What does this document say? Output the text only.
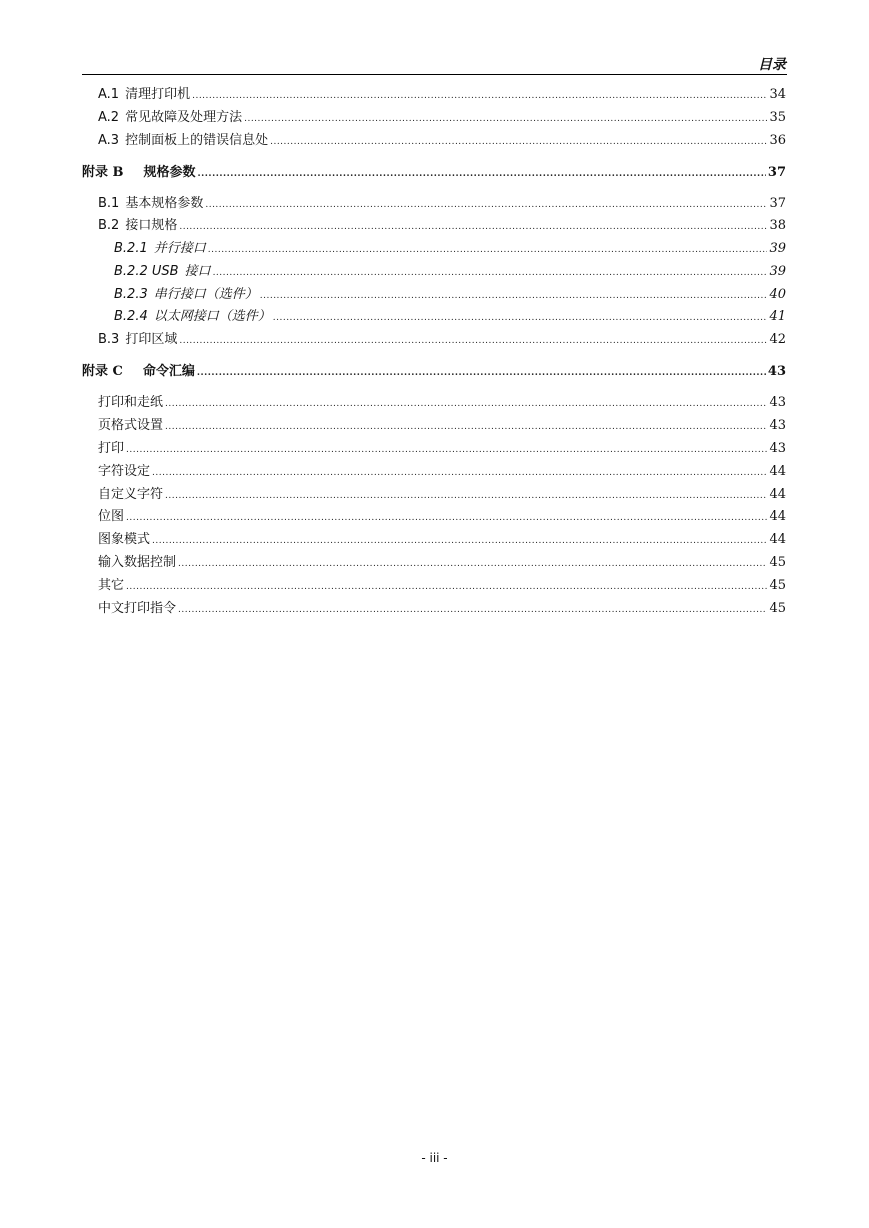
目录
A.1 清理打印机 .....	34
A.2 常见故障及处理方法 .....	35
A.3 控制面板上的错误信息处 .....	36
附录 B 规格参数 .....	37
B.1 基本规格参数 .....	37
B.2 接口规格 .....	38
B.2.1 并行接口 .....	39
B.2.2 USB 接口 .....	39
B.2.3 串行接口（选件） .....	40
B.2.4 以太网接口（选件） .....	41
B.3 打印区域 .....	42
附录 C 命令汇编 .....	43
打印和走纸 .....	43
页格式设置 .....	43
打印 .....	43
字符设定 .....	44
自定义字符 .....	44
位图 .....	44
图象模式 .....	44
输入数据控制 .....	45
其它 .....	45
中文打印指令 .....	45
- iii -
